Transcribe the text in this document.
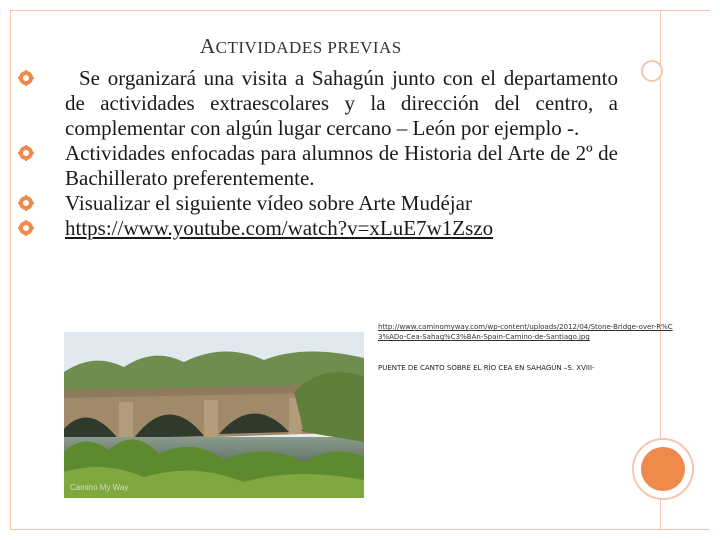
ACTIVIDADES PREVIAS
Se organizará una visita a Sahagún junto con el departamento de actividades extraescolares y la dirección del centro, a complementar con algún lugar cercano – León por ejemplo -.
Actividades enfocadas para alumnos de Historia del Arte de 2º de Bachillerato preferentemente.
Visualizar el siguiente vídeo sobre Arte Mudéjar
https://www.youtube.com/watch?v=xLuE7w1Zszo
Camino My Way
http://www.caminomyway.com/wp-content/uploads/2012/04/Stone-Bridge-over-R%C3%ADo-Cea-Sahag%C3%BAn-Spain-Camino-de-Santiago.jpg
PUENTE DE CANTO SOBRE EL RÍO CEA EN SAHAGÚN –S. XVIII-
